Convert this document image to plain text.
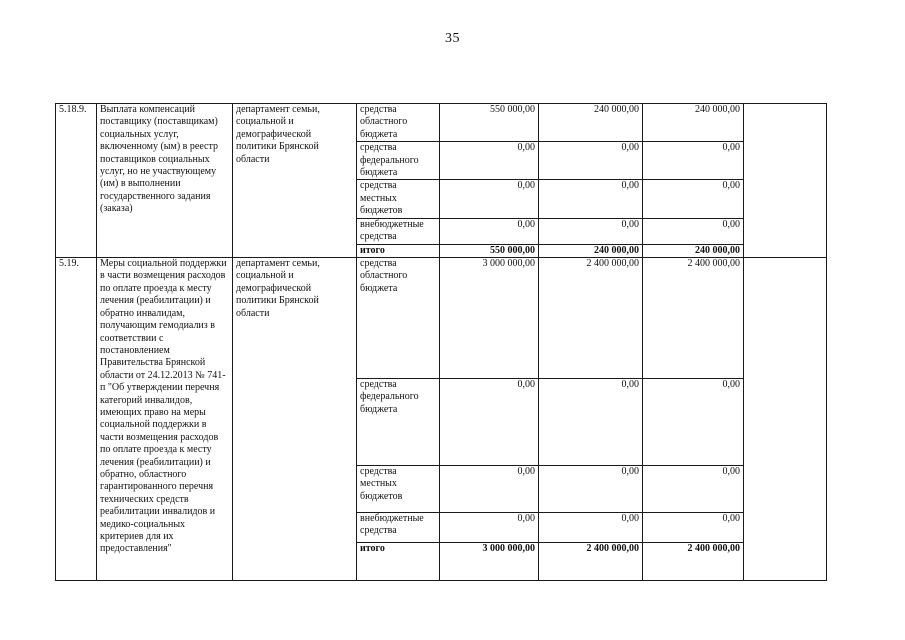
35
5.18.9.	Выплата компенсаций поставщику (поставщикам) социальных услуг, включенному (ым) в реестр поставщиков социальных услуг, но не участвующему (им) в выполнении государственного задания (заказа)	департамент семьи, социальной и демографической политики Брянской области	средства областного бюджета	550 000,00	240 000,00	240 000,00	
			средства федерального бюджета	0,00	0,00	0,00	
			средства местных бюджетов	0,00	0,00	0,00	
			внебюджетные средства	0,00	0,00	0,00	
			итого	550 000,00	240 000,00	240 000,00	
5.19.	Меры социальной поддержки в части возмещения расходов по оплате проезда к месту лечения (реабилитации) и обратно инвалидам, получающим гемодиализ в соответствии с постановлением Правительства Брянской области от 24.12.2013 № 741-п "Об утверждении перечня категорий инвалидов, имеющих право на меры социальной поддержки в части возмещения расходов по оплате проезда к месту лечения (реабилитации) и обратно, областного гарантированного перечня технических средств реабилитации инвалидов и медико-социальных критериев для их предоставления"	департамент семьи, социальной и демографической политики Брянской области	средства областного бюджета	3 000 000,00	2 400 000,00	2 400 000,00	
			средства федерального бюджета	0,00	0,00	0,00	
			средства местных бюджетов	0,00	0,00	0,00	
			внебюджетные средства	0,00	0,00	0,00	
			итого	3 000 000,00	2 400 000,00	2 400 000,00	
